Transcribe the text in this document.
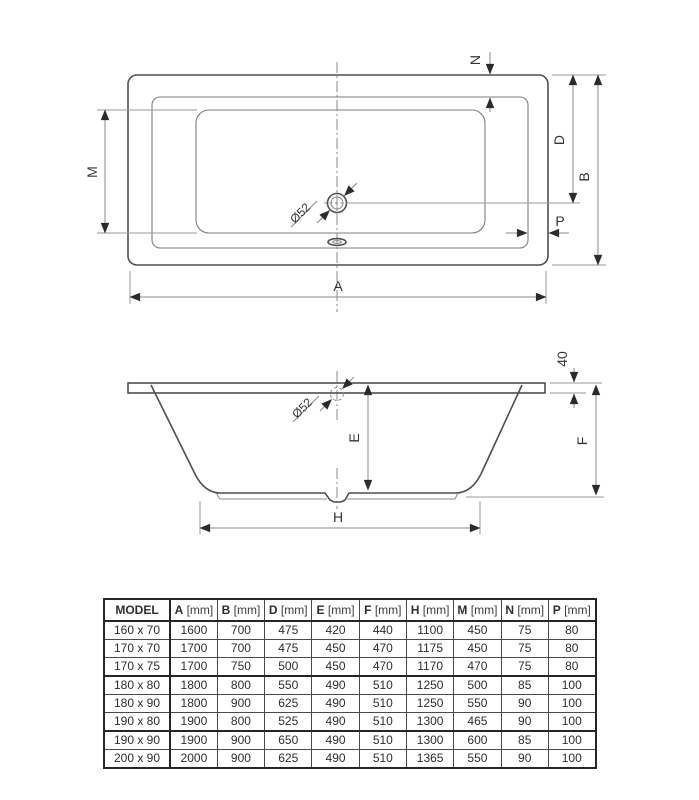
Ø52
M
A
N
D
B
P
Ø52
E
40
F
H
MODEL	A [mm]	B [mm]	D [mm]	E [mm]	F [mm]	H [mm]	M [mm]	N [mm]	P [mm]
160 x 70	1600	700	475	420	440	1100	450	75	80
170 x 70	1700	700	475	450	470	1175	450	75	80
170 x 75	1700	750	500	450	470	1170	470	75	80
180 x 80	1800	800	550	490	510	1250	500	85	100
180 x 90	1800	900	625	490	510	1250	550	90	100
190 x 80	1900	800	525	490	510	1300	465	90	100
190 x 90	1900	900	650	490	510	1300	600	85	100
200 x 90	2000	900	625	490	510	1365	550	90	100
